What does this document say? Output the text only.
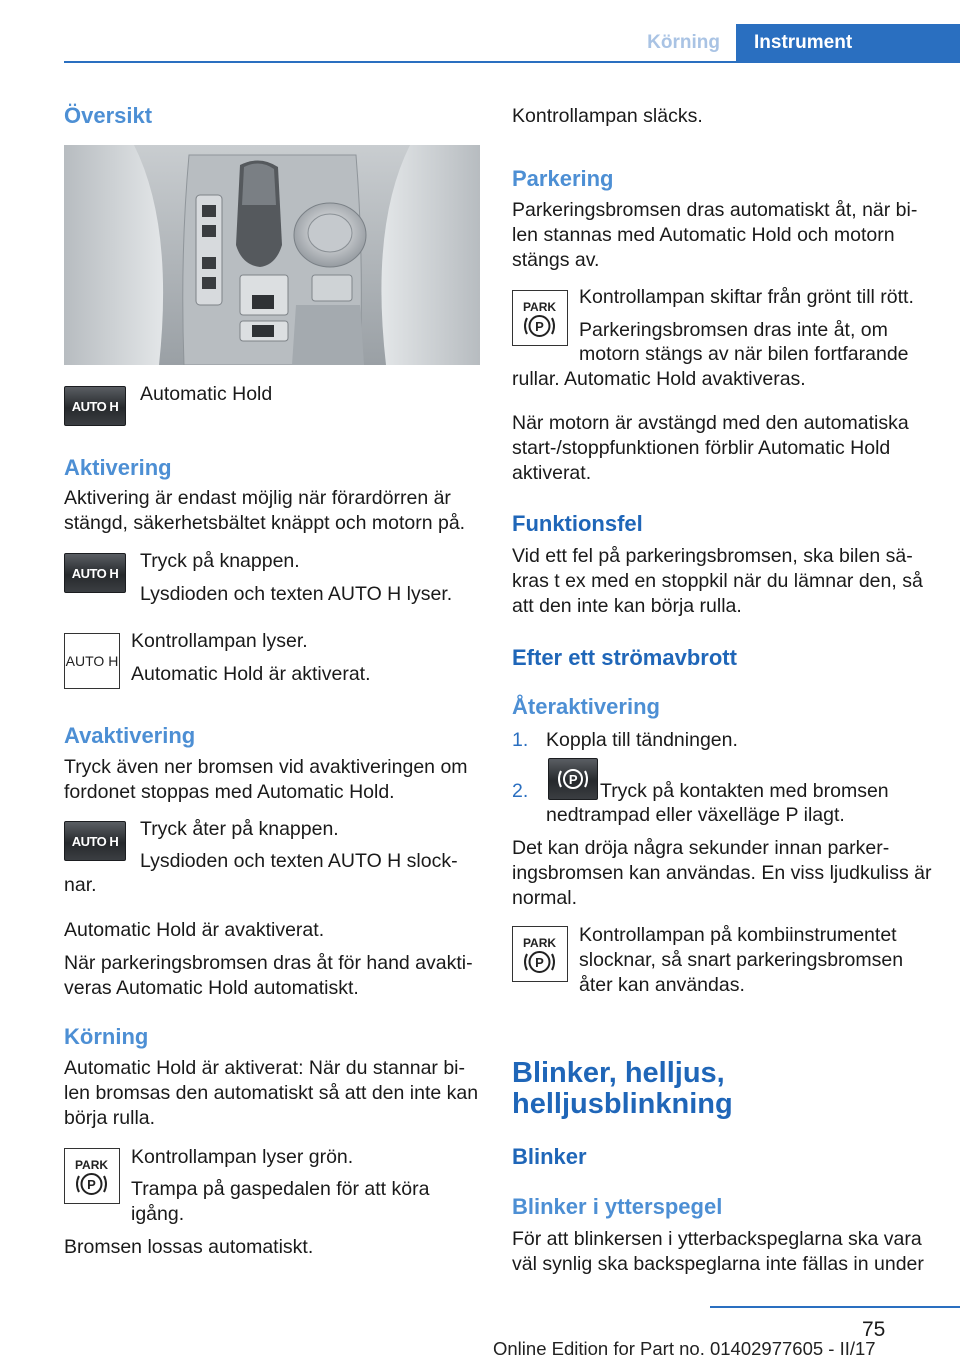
Körning	Instrument
Översikt
AUTO H
Automatic Hold
Aktivering
Aktivering är endast möjlig när förardörren är stängd, säkerhetsbältet knäppt och motorn på.
AUTO H
Tryck på knappen.
Lysdioden och texten AUTO H lyser.
AUTO H
Kontrollampan lyser.
Automatic Hold är aktiverat.
Avaktivering
Tryck även ner bromsen vid avaktiveringen om fordonet stoppas med Automatic Hold.
AUTO H
Tryck åter på knappen.
Lysdioden och texten AUTO H slock-
nar.
Automatic Hold är avaktiverat.
När parkeringsbromsen dras åt för hand avaktiveras Automatic Hold automatiskt.
Körning
Automatic Hold är aktiverat: När du stannar bilen bromsas den automatiskt så att den inte kan börja rulla.
PARK
P
Kontrollampan lyser grön.
Trampa på gaspedalen för att köra igång.
Bromsen lossas automatiskt.
Kontrollampan släcks.
Parkering
Parkeringsbromsen dras automatiskt åt, när bilen stannas med Automatic Hold och motorn stängs av.
PARK
P
Kontrollampan skiftar från grönt till rött.
Parkeringsbromsen dras inte åt, om
motorn stängs av när bilen fortfarande
rullar. Automatic Hold avaktiveras.
När motorn är avstängd med den automatiska start-/stoppfunktionen förblir Automatic Hold aktiverat.
Funktionsfel
Vid ett fel på parkeringsbromsen, ska bilen säkras t ex med en stoppkil när du lämnar den, så att den inte kan börja rulla.
Efter ett strömavbrott
Återaktivering
1. Koppla till tändningen.
2.
P
Tryck på kontakten med bromsen
nedtrampad eller växelläge P ilagt.
Det kan dröja några sekunder innan parkeringsbromsen kan användas. En viss ljudkuliss är normal.
PARK
P
Kontrollampan på kombiinstrumentet slocknar, så snart parkeringsbromsen åter kan användas.
Blinker, helljus,
helljusblinkning
Blinker
Blinker i ytterspegel
För att blinkersen i ytterbackspeglarna ska vara väl synlig ska backspeglarna inte fällas in under
75
Online Edition for Part no. 01402977605 - II/17
